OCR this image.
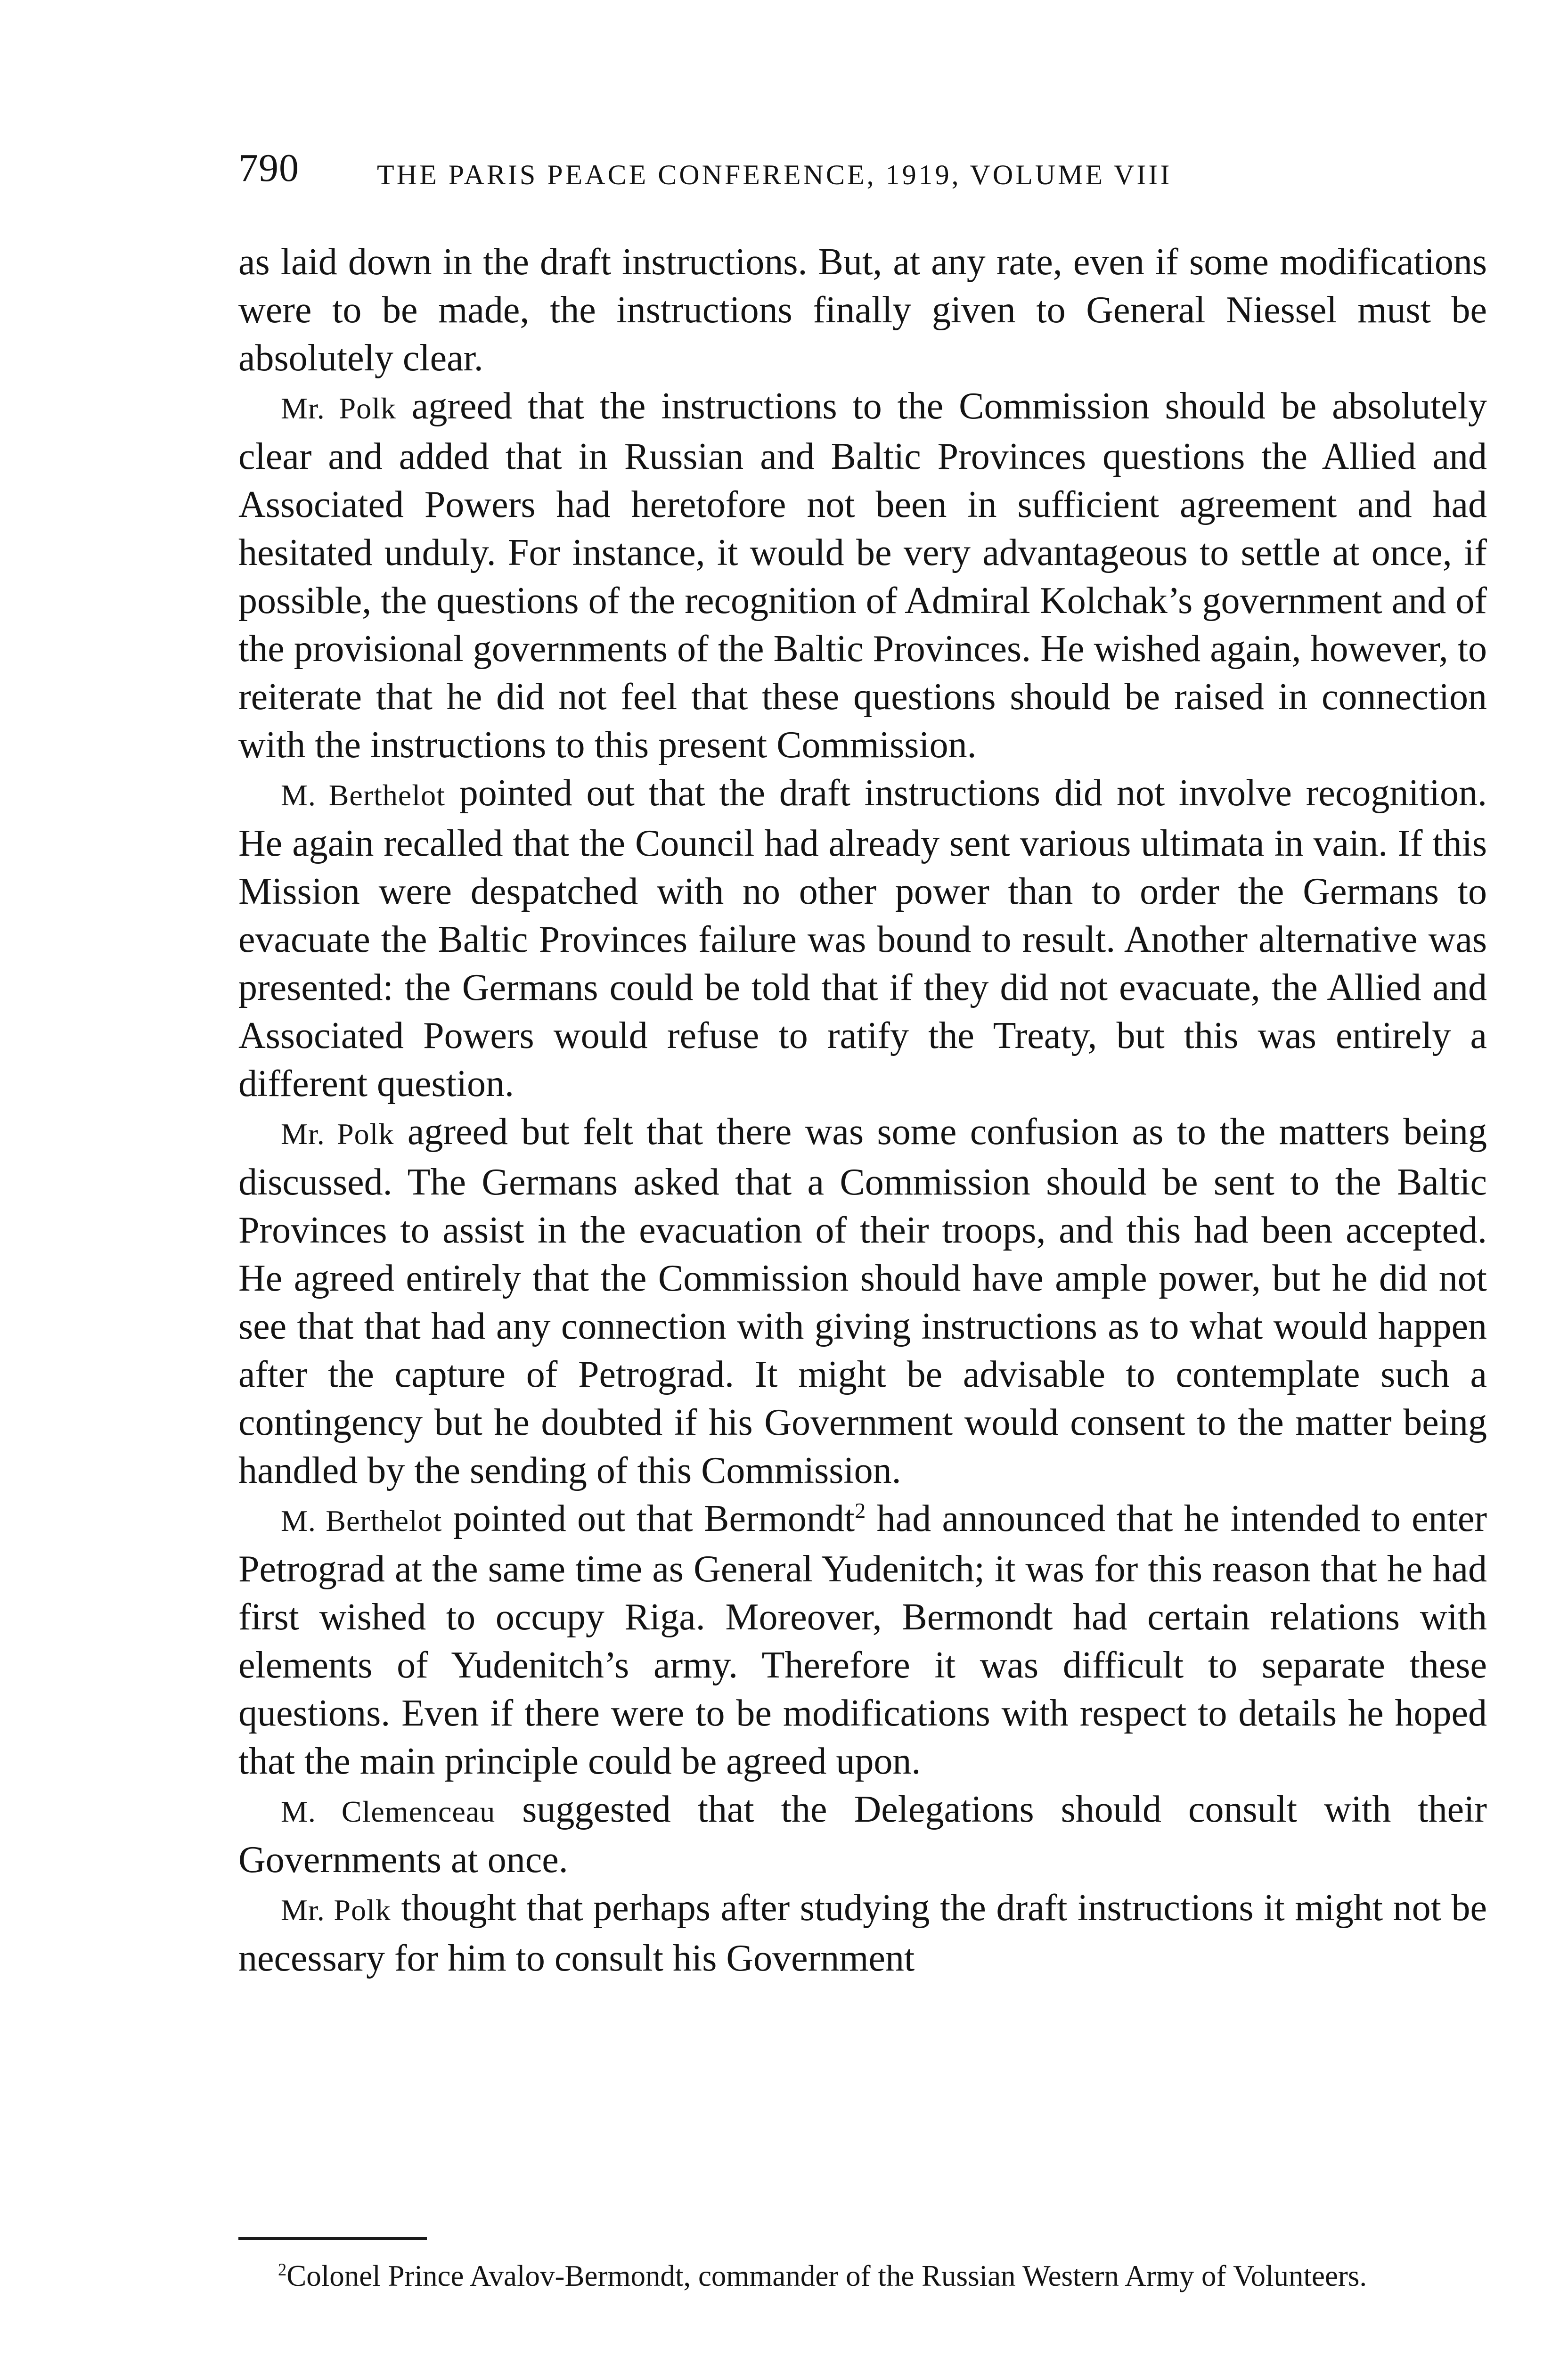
790	THE PARIS PEACE CONFERENCE, 1919, VOLUME VIII

as laid down in the draft instructions. But, at any rate, even if some modifications were to be made, the instructions finally given to General Niessel must be absolutely clear.

Mr. Polk agreed that the instructions to the Commission should be absolutely clear and added that in Russian and Baltic Provinces questions the Allied and Associated Powers had heretofore not been in sufficient agreement and had hesitated unduly. For instance, it would be very advantageous to settle at once, if possible, the questions of the recognition of Admiral Kolchak’s government and of the provisional governments of the Baltic Provinces. He wished again, however, to reiterate that he did not feel that these questions should be raised in connection with the instructions to this present Commission.

M. Berthelot pointed out that the draft instructions did not involve recognition. He again recalled that the Council had already sent various ultimata in vain. If this Mission were despatched with no other power than to order the Germans to evacuate the Baltic Provinces failure was bound to result. Another alternative was presented: the Germans could be told that if they did not evacuate, the Allied and Associated Powers would refuse to ratify the Treaty, but this was entirely a different question.

Mr. Polk agreed but felt that there was some confusion as to the matters being discussed. The Germans asked that a Commission should be sent to the Baltic Provinces to assist in the evacuation of their troops, and this had been accepted. He agreed entirely that the Commission should have ample power, but he did not see that that had any connection with giving instructions as to what would happen after the capture of Petrograd. It might be advisable to contemplate such a contingency but he doubted if his Government would consent to the matter being handled by the sending of this Commission.

M. Berthelot pointed out that Bermondt$^2$ had announced that he intended to enter Petrograd at the same time as General Yudenitch; it was for this reason that he had first wished to occupy Riga. Moreover, Bermondt had certain relations with elements of Yudenitch’s army. Therefore it was difficult to separate these questions. Even if there were to be modifications with respect to details he hoped that the main principle could be agreed upon.

M. Clemenceau suggested that the Delegations should consult with their Governments at once.

Mr. Polk thought that perhaps after studying the draft instructions it might not be necessary for him to consult his Government

$^2$Colonel Prince Avalov-Bermondt, commander of the Russian Western Army of Volunteers.
